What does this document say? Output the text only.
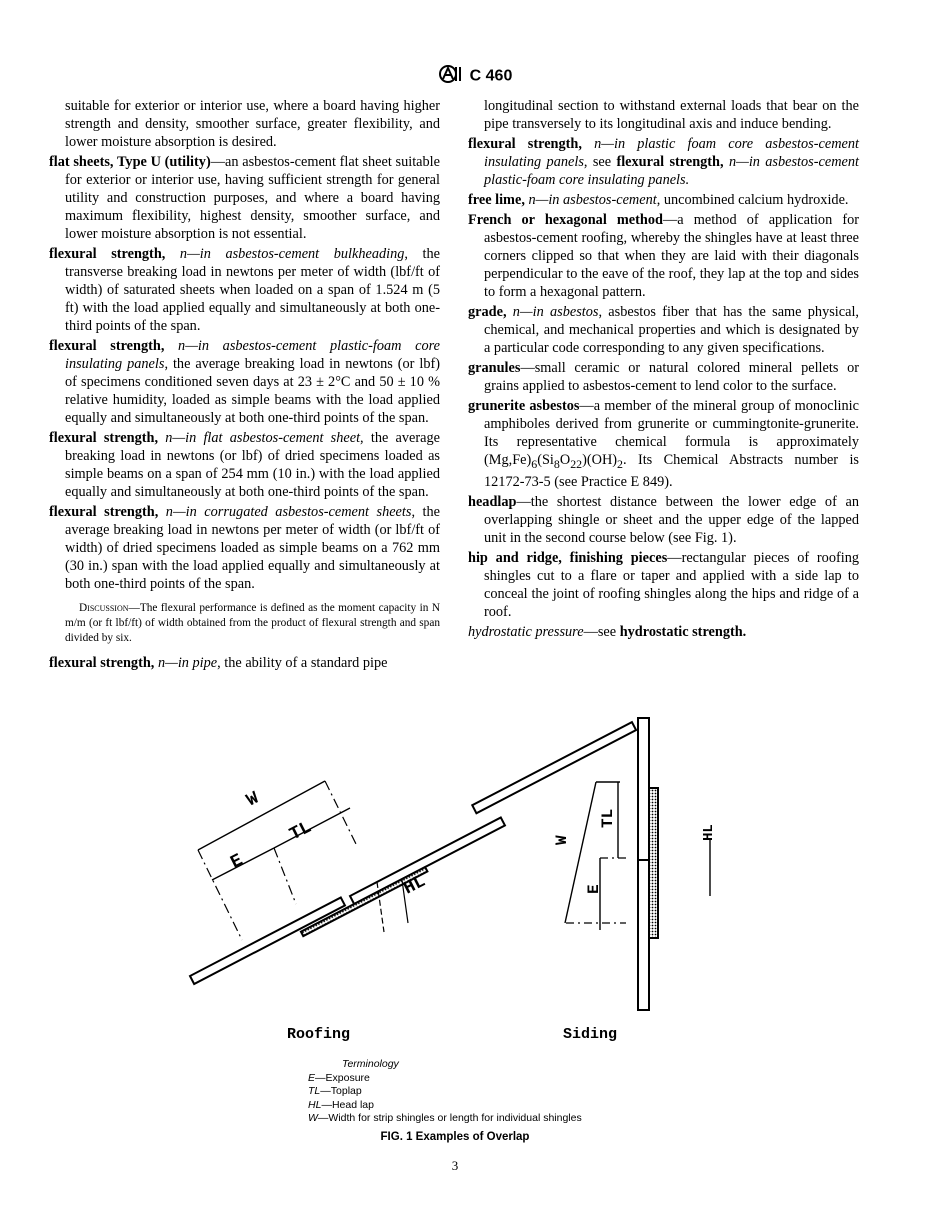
C 460
suitable for exterior or interior use, where a board having higher strength and density, smoother surface, greater flexibility, and lower moisture absorption is desired.
flat sheets, Type U (utility)—an asbestos-cement flat sheet suitable for exterior or interior use, having sufficient strength for general utility and construction purposes, and where a board having maximum flexibility, highest density, smoother surface, and lower moisture absorption is not essential.
flexural strength, n—in asbestos-cement bulkheading, the transverse breaking load in newtons per meter of width (lbf/ft of width) of saturated sheets when loaded on a span of 1.524 m (5 ft) with the load applied equally and simultaneously at both one-third points of the span.
flexural strength, n—in asbestos-cement plastic-foam core insulating panels, the average breaking load in newtons (or lbf) of specimens conditioned seven days at 23 ± 2°C and 50 ± 10 % relative humidity, loaded as simple beams with the load applied equally and simultaneously at both one-third points of the span.
flexural strength, n—in flat asbestos-cement sheet, the average breaking load in newtons (or lbf) of dried specimens loaded as simple beams on a span of 254 mm (10 in.) with the load applied equally and simultaneously at both one-third points of the span.
flexural strength, n—in corrugated asbestos-cement sheets, the average breaking load in newtons per meter of width (or lbf/ft of width) of dried specimens loaded as simple beams on a 762 mm (30 in.) span with the load applied equally and simultaneously at both one-third points of the span.
Discussion—The flexural performance is defined as the moment capacity in N m/m (or ft lbf/ft) of width obtained from the product of flexural strength and span divided by six.
flexural strength, n—in pipe, the ability of a standard pipe
longitudinal section to withstand external loads that bear on the pipe transversely to its longitudinal axis and induce bending.
flexural strength, n—in plastic foam core asbestos-cement insulating panels, see flexural strength, n—in asbestos-cement plastic-foam core insulating panels.
free lime, n—in asbestos-cement, uncombined calcium hydroxide.
French or hexagonal method—a method of application for asbestos-cement roofing, whereby the shingles have at least three corners clipped so that when they are laid with their diagonals perpendicular to the eave of the roof, they lap at the top and sides to form a hexagonal pattern.
grade, n—in asbestos, asbestos fiber that has the same physical, chemical, and mechanical properties and which is designated by a particular code corresponding to any given specifications.
granules—small ceramic or natural colored mineral pellets or grains applied to asbestos-cement to lend color to the surface.
grunerite asbestos—a member of the mineral group of monoclinic amphiboles derived from grunerite or cummingtonite-grunerite. Its representative chemical formula is approximately $(Mg,Fe)_6(Si_8O_{22})(OH)_2$. Its Chemical Abstracts number is 12172-73-5 (see Practice E 849).
headlap—the shortest distance between the lower edge of an overlapping shingle or sheet and the upper edge of the lapped unit in the second course below (see Fig. 1).
hip and ridge, finishing pieces—rectangular pieces of roofing shingles cut to a flare or taper and applied with a side lap to conceal the joint of roofing shingles along the hips and ridge of a roof.
hydrostatic pressure—see hydrostatic strength.
W
TL
E
HL
W
TL
E
HL
Roofing	Siding
Terminology
E—Exposure
TL—Toplap
HL—Head lap
W—Width for strip shingles or length for individual shingles
FIG. 1 Examples of Overlap
3
